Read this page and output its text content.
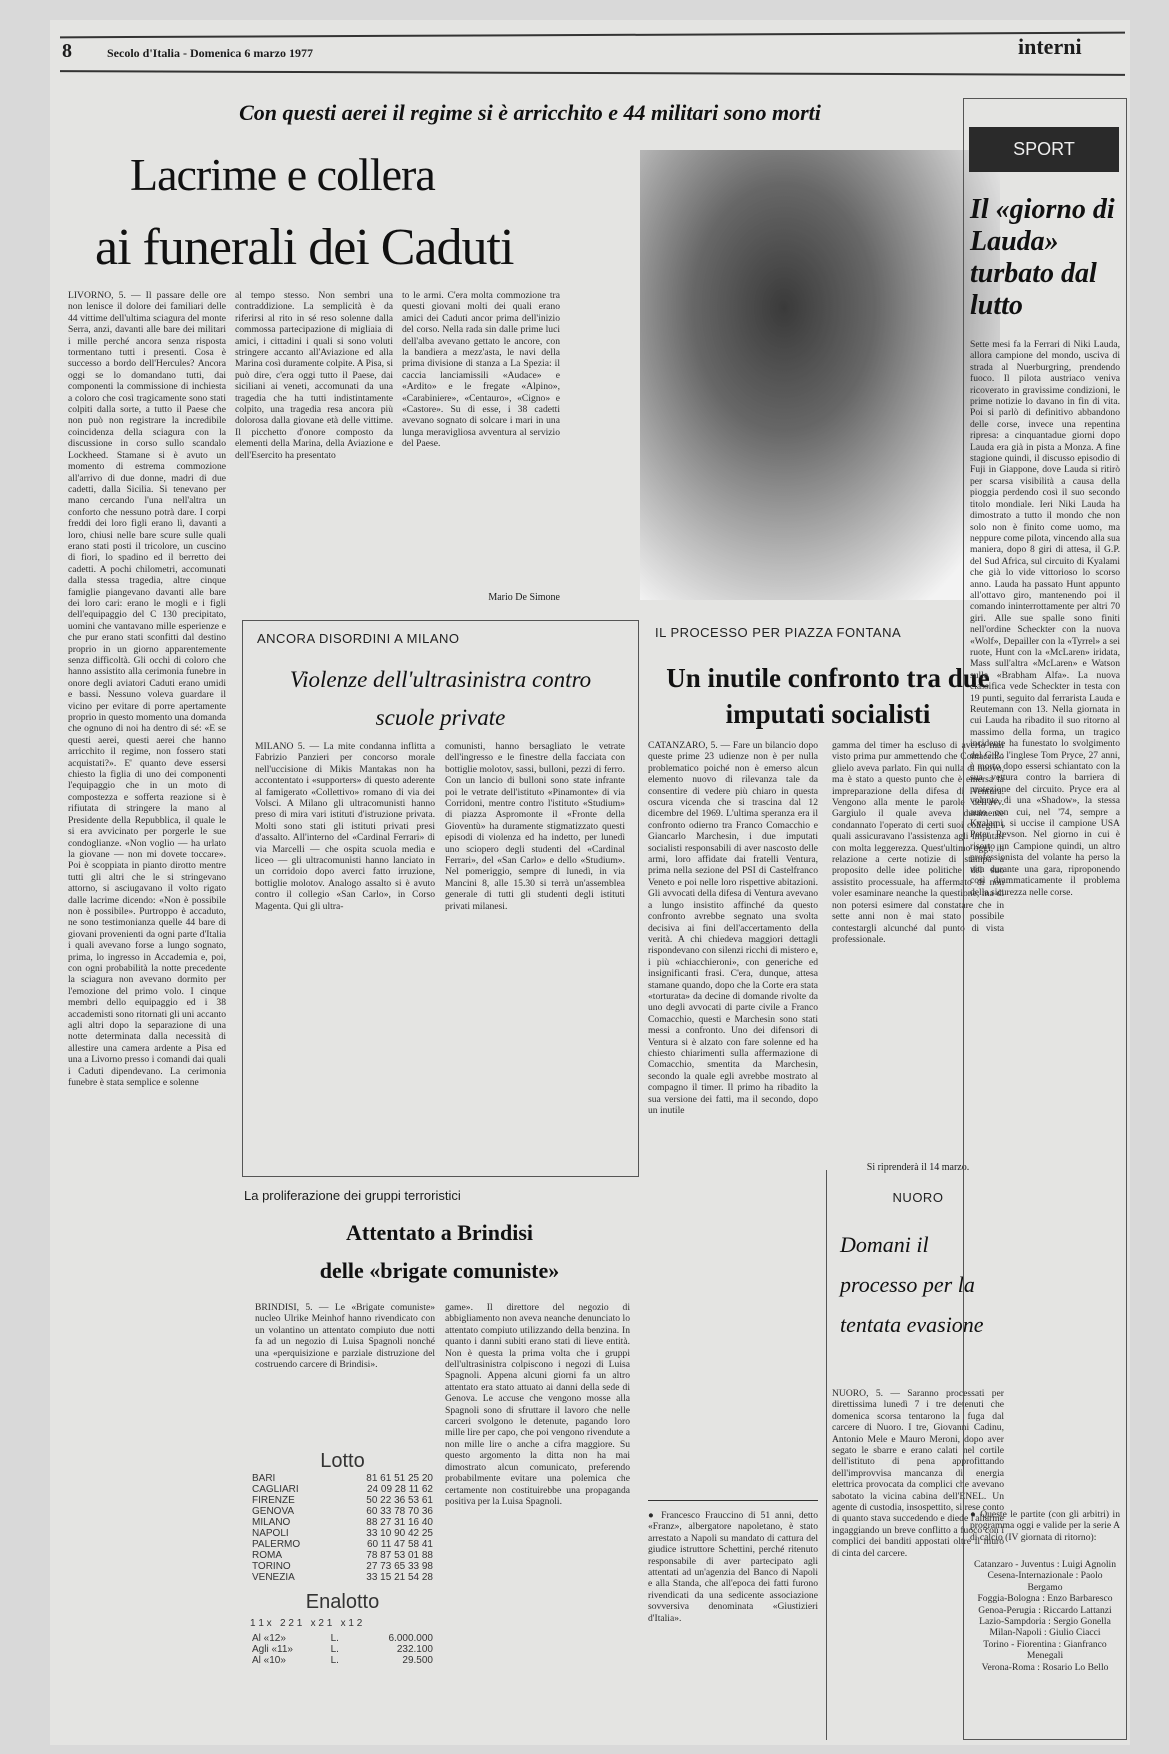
8	Secolo d'Italia - Domenica 6 marzo 1977	interni
Con questi aerei il regime si è arricchito e 44 militari sono morti
Lacrime e collera
ai funerali dei Caduti
LIVORNO, 5. — Il passare delle ore non lenisce il dolore dei familiari delle 44 vittime dell'ultima sciagura del monte Serra, anzi, davanti alle bare dei militari i mille perché ancora senza risposta tormentano tutti i presenti. Cosa è successo a bordo dell'Hercules? Ancora oggi se lo domandano tutti, dai componenti la commissione di inchiesta a coloro che così tragicamente sono stati colpiti dalla sorte, a tutto il Paese che non può non registrare la incredibile coincidenza della sciagura con la discussione in corso sullo scandalo Lockheed. Stamane si è avuto un momento di estrema commozione all'arrivo di due donne, madri di due cadetti, dalla Sicilia. Si tenevano per mano cercando l'una nell'altra un conforto che nessuno potrà dare. I corpi freddi dei loro figli erano lì, davanti a loro, chiusi nelle bare scure sulle quali erano stati posti il tricolore, un cuscino di fiori, lo spadino ed il berretto dei cadetti. A pochi chilometri, accomunati dalla stessa tragedia, altre cinque famiglie piangevano davanti alle bare dei loro cari: erano le mogli e i figli dell'equipaggio del C 130 precipitato, uomini che vantavano mille esperienze e che pur erano stati sconfitti dal destino proprio in un giorno apparentemente senza difficoltà. Gli occhi di coloro che hanno assistito alla cerimonia funebre in onore degli aviatori Caduti erano umidi e bassi. Nessuno voleva guardare il vicino per evitare di porre apertamente proprio in questo momento una domanda che ognuno di noi ha dentro di sé: «E se questi aerei, questi aerei che hanno arricchito il regime, non fossero stati acquistati?». E' quanto deve essersi chiesto la figlia di uno dei componenti l'equipaggio che in un moto di compostezza e sofferta reazione si è rifiutata di stringere la mano al Presidente della Repubblica, il quale le si era avvicinato per porgerle le sue condoglianze. «Non voglio — ha urlato la giovane — non mi dovete toccare». Poi è scoppiata in pianto dirotto mentre tutti gli altri che le si stringevano attorno, si asciugavano il volto rigato dalle lacrime dicendo: «Non è possibile non è possibile». Purtroppo è accaduto, ne sono testimonianza quelle 44 bare di giovani provenienti da ogni parte d'Italia i quali avevano forse a lungo sognato, prima, lo ingresso in Accademia e, poi, con ogni probabilità la notte precedente la sciagura non avevano dormito per l'emozione del primo volo. I cinque membri dello equipaggio ed i 38 accademisti sono ritornati gli uni accanto agli altri dopo la separazione di una notte determinata dalla necessità di allestire una camera ardente a Pisa ed una a Livorno presso i comandi dai quali i Caduti dipendevano. La cerimonia funebre è stata semplice e solenne
al tempo stesso. Non sembri una contraddizione. La semplicità è da riferirsi al rito in sé reso solenne dalla commossa partecipazione di migliaia di amici, i cittadini i quali si sono voluti stringere accanto all'Aviazione ed alla Marina così duramente colpite. A Pisa, si può dire, c'era oggi tutto il Paese, dai siciliani ai veneti, accomunati da una tragedia che ha tutti indistintamente colpito, una tragedia resa ancora più dolorosa dalla giovane età delle vittime. Il picchetto d'onore composto da elementi della Marina, della Aviazione e dell'Esercito ha presentato
to le armi. C'era molta commozione tra questi giovani molti dei quali erano amici dei Caduti ancor prima dell'inizio del corso. Nella rada sin dalle prime luci dell'alba avevano gettato le ancore, con la bandiera a mezz'asta, le navi della prima divisione di stanza a La Spezia: il caccia lanciamissili «Audace» e «Ardito» e le fregate «Alpino», «Carabiniere», «Centauro», «Cigno» e «Castore». Su di esse, i 38 cadetti avevano sognato di solcare i mari in una lunga meravigliosa avventura al servizio del Paese.
Mario De Simone
ANCORA DISORDINI A MILANO
Violenze dell'ultrasinistra contro scuole private
MILANO 5. — La mite condanna inflitta a Fabrizio Panzieri per concorso morale nell'uccisione di Mikis Mantakas non ha accontentato i «supporters» di questo aderente al famigerato «Collettivo» romano di via dei Volsci. A Milano gli ultracomunisti hanno preso di mira vari istituti d'istruzione privata. Molti sono stati gli istituti privati presi d'assalto. All'interno del «Cardinal Ferrari» di via Marcelli — che ospita scuola media e liceo — gli ultracomunisti hanno lanciato in un corridoio dopo averci fatto irruzione, bottiglie molotov. Analogo assalto si è avuto contro il collegio «San Carlo», in Corso Magenta. Qui gli ultra-
comunisti, hanno bersagliato le vetrate dell'ingresso e le finestre della facciata con bottiglie molotov, sassi, bulloni, pezzi di ferro. Con un lancio di bulloni sono state infrante poi le vetrate dell'istituto «Pinamonte» di via Corridoni, mentre contro l'istituto «Studium» di piazza Aspromonte il «Fronte della Gioventù» ha duramente stigmatizzato questi episodi di violenza ed ha indetto, per lunedì uno sciopero degli studenti del «Cardinal Ferrari», del «San Carlo» e dello «Studium». Nel pomeriggio, sempre di lunedì, in via Mancini 8, alle 15.30 si terrà un'assemblea generale di tutti gli studenti degli istituti privati milanesi.
IL PROCESSO PER PIAZZA FONTANA
Un inutile confronto tra due imputati socialisti
CATANZARO, 5. — Fare un bilancio dopo queste prime 23 udienze non è per nulla problematico poiché non è emerso alcun elemento nuovo di rilevanza tale da consentire di vedere più chiaro in questa oscura vicenda che si trascina dal 12 dicembre del 1969. L'ultima speranza era il confronto odierno tra Franco Comacchio e Giancarlo Marchesin, i due imputati socialisti responsabili di aver nascosto delle armi, loro affidate dai fratelli Ventura, prima nella sezione del PSI di Castelfranco Veneto e poi nelle loro rispettive abitazioni. Gli avvocati della difesa di Ventura avevano a lungo insistito affinché da questo confronto avrebbe segnato una svolta decisiva ai fini dell'accertamento della verità. A chi chiedeva maggiori dettagli rispondevano con silenzi ricchi di mistero e, i più «chiacchieroni», con generiche ed insignificanti frasi. C'era, dunque, attesa stamane quando, dopo che la Corte era stata «torturata» da decine di domande rivolte da uno degli avvocati di parte civile a Franco Comacchio, questi e Marchesin sono stati messi a confronto. Uno dei difensori di Ventura si è alzato con fare solenne ed ha chiesto chiarimenti sulla affermazione di Comacchio, smentita da Marchesin, secondo la quale egli avrebbe mostrato al compagno il timer. Il primo ha ribadito la sua versione dei fatti, ma il secondo, dopo un inutile
gamma del timer ha escluso di averlo mai visto prima pur ammettendo che Comacchio glielo aveva parlato. Fin qui nulla di nuovo, ma è stato a questo punto che è emersa la impreparazione della difesa di Ventura. Vengono alla mente le parole dell'avv. Gargiulo il quale aveva duramente condannato l'operato di certi suoi colleghi i quali assicuravano l'assistenza agli imputati con molta leggerezza. Quest'ultimo oggi, in relazione a certe notizie di stampa a proposito delle idee politiche del suo assistito processuale, ha affermato di non voler esaminare neanche la questione, ma di non potersi esimere dal constatare che in sette anni non è mai stato possibile contestargli alcunché dal punto di vista professionale.
Si riprenderà il 14 marzo.
La proliferazione dei gruppi terroristici
Attentato a Brindisi
delle «brigate comuniste»
BRINDISI, 5. — Le «Brigate comuniste» nucleo Ulrike Meinhof hanno rivendicato con un volantino un attentato compiuto due notti fa ad un negozio di Luisa Spagnoli nonché una «perquisizione e parziale distruzione del costruendo carcere di Brindisi».
game». Il direttore del negozio di abbigliamento non aveva neanche denunciato lo attentato compiuto utilizzando della benzina. In quanto i danni subiti erano stati di lieve entità. Non è questa la prima volta che i gruppi dell'ultrasinistra colpiscono i negozi di Luisa Spagnoli. Appena alcuni giorni fa un altro attentato era stato attuato ai danni della sede di Genova. Le accuse che vengono mosse alla Spagnoli sono di sfruttare il lavoro che nelle carceri svolgono le detenute, pagando loro mille lire per capo, che poi vengono rivendute a non mille lire o anche a cifra maggiore. Su questo argomento la ditta non ha mai dimostrato alcun comunicato, preferendo probabilmente evitare una polemica che certamente non costituirebbe una propaganda positiva per la Luisa Spagnoli.
Lotto
BARI	81 61 51 25 20
CAGLIARI	24 09 28 11 62
FIRENZE	50 22 36 53 61
GENOVA	60 33 78 70 36
MILANO	88 27 31 16 40
NAPOLI	33 10 90 42 25
PALERMO	60 11 47 58 41
ROMA	78 87 53 01 88
TORINO	27 73 65 33 98
VENEZIA	33 15 21 54 28
Enalotto
1 1 x   2 2 1   x 2 1   x 1 2
Al «12»	L.	6.000.000
Agli «11»	L.	232.100
Al «10»	L.	29.500
● Francesco Frauccino di 51 anni, detto «Franz», albergatore napoletano, è stato arrestato a Napoli su mandato di cattura del giudice istruttore Schettini, perché ritenuto responsabile di aver partecipato agli attentati ad un'agenzia del Banco di Napoli e alla Standa, che all'epoca dei fatti furono rivendicati da una sedicente associazione sovversiva denominata «Giustizieri d'Italia».
NUORO
Domani il processo per la tentata evasione
NUORO, 5. — Saranno processati per direttissima lunedì 7 i tre detenuti che domenica scorsa tentarono la fuga dal carcere di Nuoro. I tre, Giovanni Cadinu, Antonio Mele e Mauro Meroni, dopo aver segato le sbarre e erano calati nel cortile dell'istituto di pena approfittando dell'improvvisa mancanza di energia elettrica provocata da complici che avevano sabotato la vicina cabina dell'ENEL. Un agente di custodia, insospettito, si rese conto di quanto stava succedendo e diede l'allarme ingaggiando un breve conflitto a fuoco con i complici dei banditi appostati oltre il muro di cinta del carcere.
SPORT
Il «giorno di Lauda» turbato dal lutto
Sette mesi fa la Ferrari di Niki Lauda, allora campione del mondo, usciva di strada al Nuerburgring, prendendo fuoco. Il pilota austriaco veniva ricoverato in gravissime condizioni, le prime notizie lo davano in fin di vita. Poi si parlò di definitivo abbandono delle corse, invece una repentina ripresa: a cinquantadue giorni dopo Lauda era già in pista a Monza. A fine stagione quindi, il discusso episodio di Fuji in Giappone, dove Lauda si ritirò per scarsa visibilità a causa della pioggia perdendo così il suo secondo titolo mondiale. Ieri Niki Lauda ha dimostrato a tutto il mondo che non solo non è finito come uomo, ma neppure come pilota, vincendo alla sua maniera, dopo 8 giri di attesa, il G.P. del Sud Africa, sul circuito di Kyalami che già lo vide vittorioso lo scorso anno. Lauda ha passato Hunt appunto all'ottavo giro, mantenendo poi il comando ininterrottamente per altri 70 giri. Alle sue spalle sono finiti nell'ordine Scheckter con la nuova «Wolf», Depailler con la «Tyrrel» a sei ruote, Hunt con la «McLaren» iridata, Mass sull'altra «McLaren» e Watson sulla «Brabham Alfa». La nuova classifica vede Scheckter in testa con 19 punti, seguito dal ferrarista Lauda e Reutemann con 13. Nella giornata in cui Lauda ha ribadito il suo ritorno al massimo della forma, un tragico incidente ha funestato lo svolgimento del G.P.: l'inglese Tom Pryce, 27 anni, è morto dopo essersi schiantato con la sua vettura contro la barriera di protezione del circuito. Pryce era al volante di una «Shadow», la stessa auto con cui, nel '74, sempre a Kyalami, si uccise il campione USA Peter Revson. Nel giorno in cui è risorto un Campione quindi, un altro professionista del volante ha perso la vita durante una gara, riproponendo così drammaticamente il problema della sicurezza nelle corse.
● Queste le partite (con gli arbitri) in programma oggi e valide per la serie A di calcio (IV giornata di ritorno):
Catanzaro - Juventus : Luigi Agnolin
Cesena-Internazionale : Paolo Bergamo
Foggia-Bologna : Enzo Barbaresco
Genoa-Perugia : Riccardo Lattanzi
Lazio-Sampdoria : Sergio Gonella
Milan-Napoli : Giulio Ciacci
Torino - Fiorentina : Gianfranco Menegali
Verona-Roma : Rosario Lo Bello
